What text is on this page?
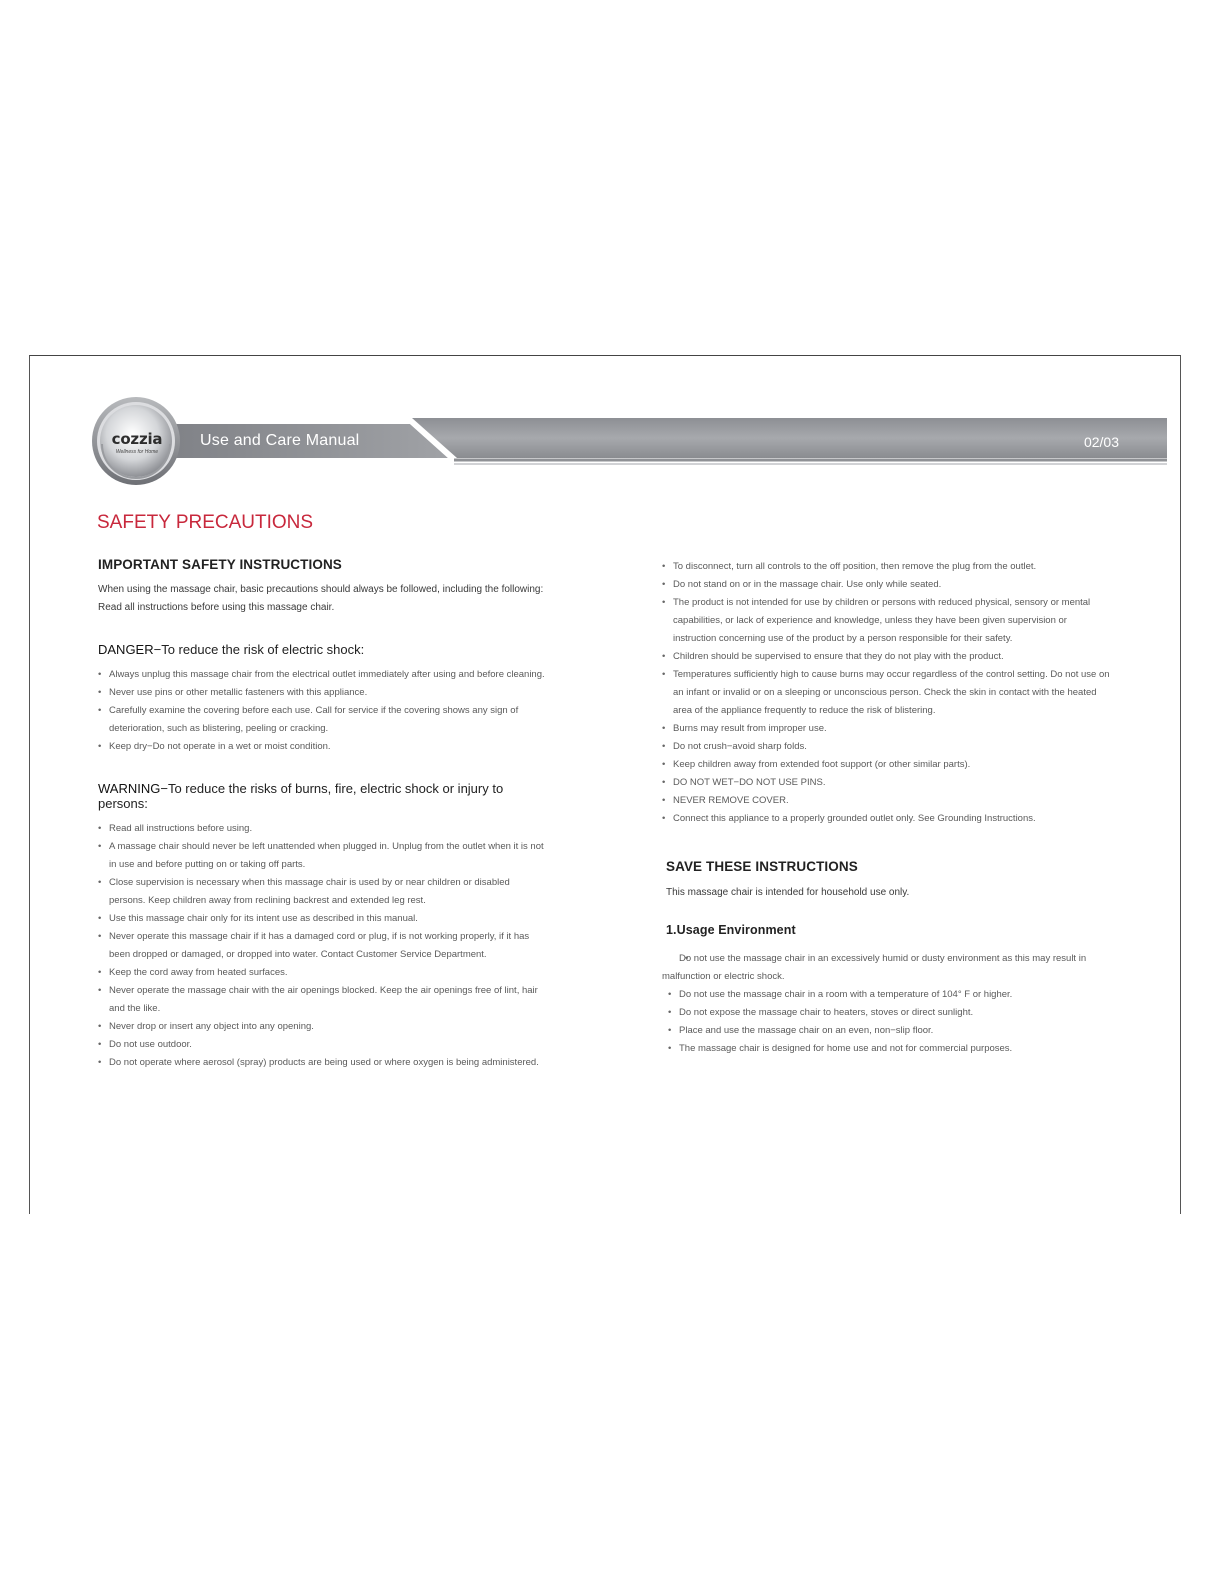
cozzia
Wellness for Home
Use and Care Manual	02/03
SAFETY PRECAUTIONS
IMPORTANT SAFETY INSTRUCTIONS

When using the massage chair, basic precautions should always be followed, including the following:

Read all instructions before using this massage chair.

DANGER−To reduce the risk of electric shock:

• Always unplug this massage chair from the electrical outlet immediately after using and before cleaning.
• Never use pins or other metallic fasteners with this appliance.
• Carefully examine the covering before each use. Call for service if the covering shows any sign of deterioration, such as blistering, peeling or cracking.
• Keep dry−Do not operate in a wet or moist condition.

WARNING−To reduce the risks of burns, fire, electric shock or injury to persons:

• Read all instructions before using.
• A massage chair should never be left unattended when plugged in. Unplug from the outlet when it is not in use and before putting on or taking off parts.
• Close supervision is necessary when this massage chair is used by or near children or disabled persons. Keep children away from reclining backrest and extended leg rest.
• Use this massage chair only for its intent use as described in this manual.
• Never operate this massage chair if it has a damaged cord or plug, if is not working properly, if it has been dropped or damaged, or dropped into water. Contact Customer Service Department.
• Keep the cord away from heated surfaces.
• Never operate the massage chair with the air openings blocked. Keep the air openings free of lint, hair and the like.
• Never drop or insert any object into any opening.
• Do not use outdoor.
• Do not operate where aerosol (spray) products are being used or where oxygen is being administered.
• To disconnect, turn all controls to the off position, then remove the plug from the outlet.
• Do not stand on or in the massage chair. Use only while seated.
• The product is not intended for use by children or persons with reduced physical, sensory or mental capabilities, or lack of experience and knowledge, unless they have been given supervision or instruction concerning use of the product by a person responsible for their safety.
• Children should be supervised to ensure that they do not play with the product.
• Temperatures sufficiently high to cause burns may occur regardless of the control setting. Do not use on an infant or invalid or on a sleeping or unconscious person. Check the skin in contact with the heated area of the appliance frequently to reduce the risk of blistering.
• Burns may result from improper use.
• Do not crush−avoid sharp folds.
• Keep children away from extended foot support (or other similar parts).
• DO NOT WET−DO NOT USE PINS.
• NEVER REMOVE COVER.
• Connect this appliance to a properly grounded outlet only. See Grounding Instructions.
SAVE THESE INSTRUCTIONS

This massage chair is intended for household use only.

1.Usage Environment
• Do not use the massage chair in an excessively humid or dusty environment as this may result in malfunction or electric shock.
• Do not use the massage chair in a room with a temperature of 104° F or higher.
• Do not expose the massage chair to heaters, stoves or direct sunlight.
• Place and use the massage chair on an even, non−slip floor.
• The massage chair is designed for home use and not for commercial purposes.
